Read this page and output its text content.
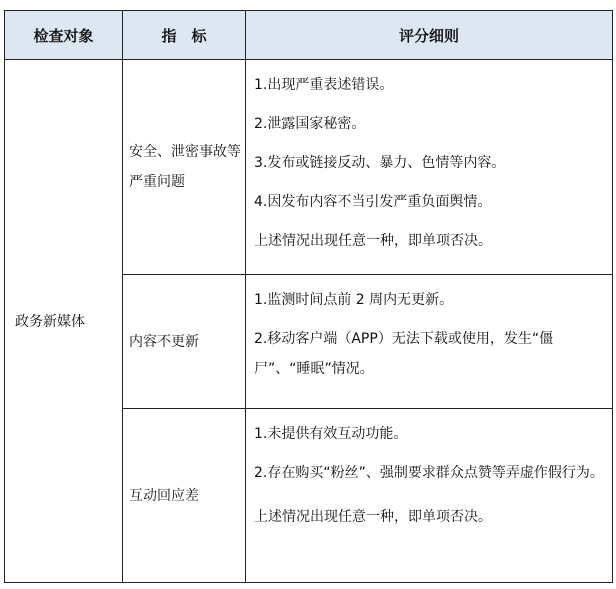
检查对象	指　标	评分细则
政务新媒体	安全、泄密事故等严重问题	1.出现严重表述错误。

2.泄露国家秘密。

3.发布或链接反动、暴力、色情等内容。

4.因发布内容不当引发严重负面舆情。

上述情况出现任意一种，即单项否决。

	内容不更新	1.监测时间点前 2 周内无更新。

2.移动客户端（APP）无法下载或使用，发生“僵尸”、“睡眠”情况。

	互动回应差	1.未提供有效互动功能。

2.存在购买“粉丝”、强制要求群众点赞等弄虚作假行为。

上述情况出现任意一种，即单项否决。
